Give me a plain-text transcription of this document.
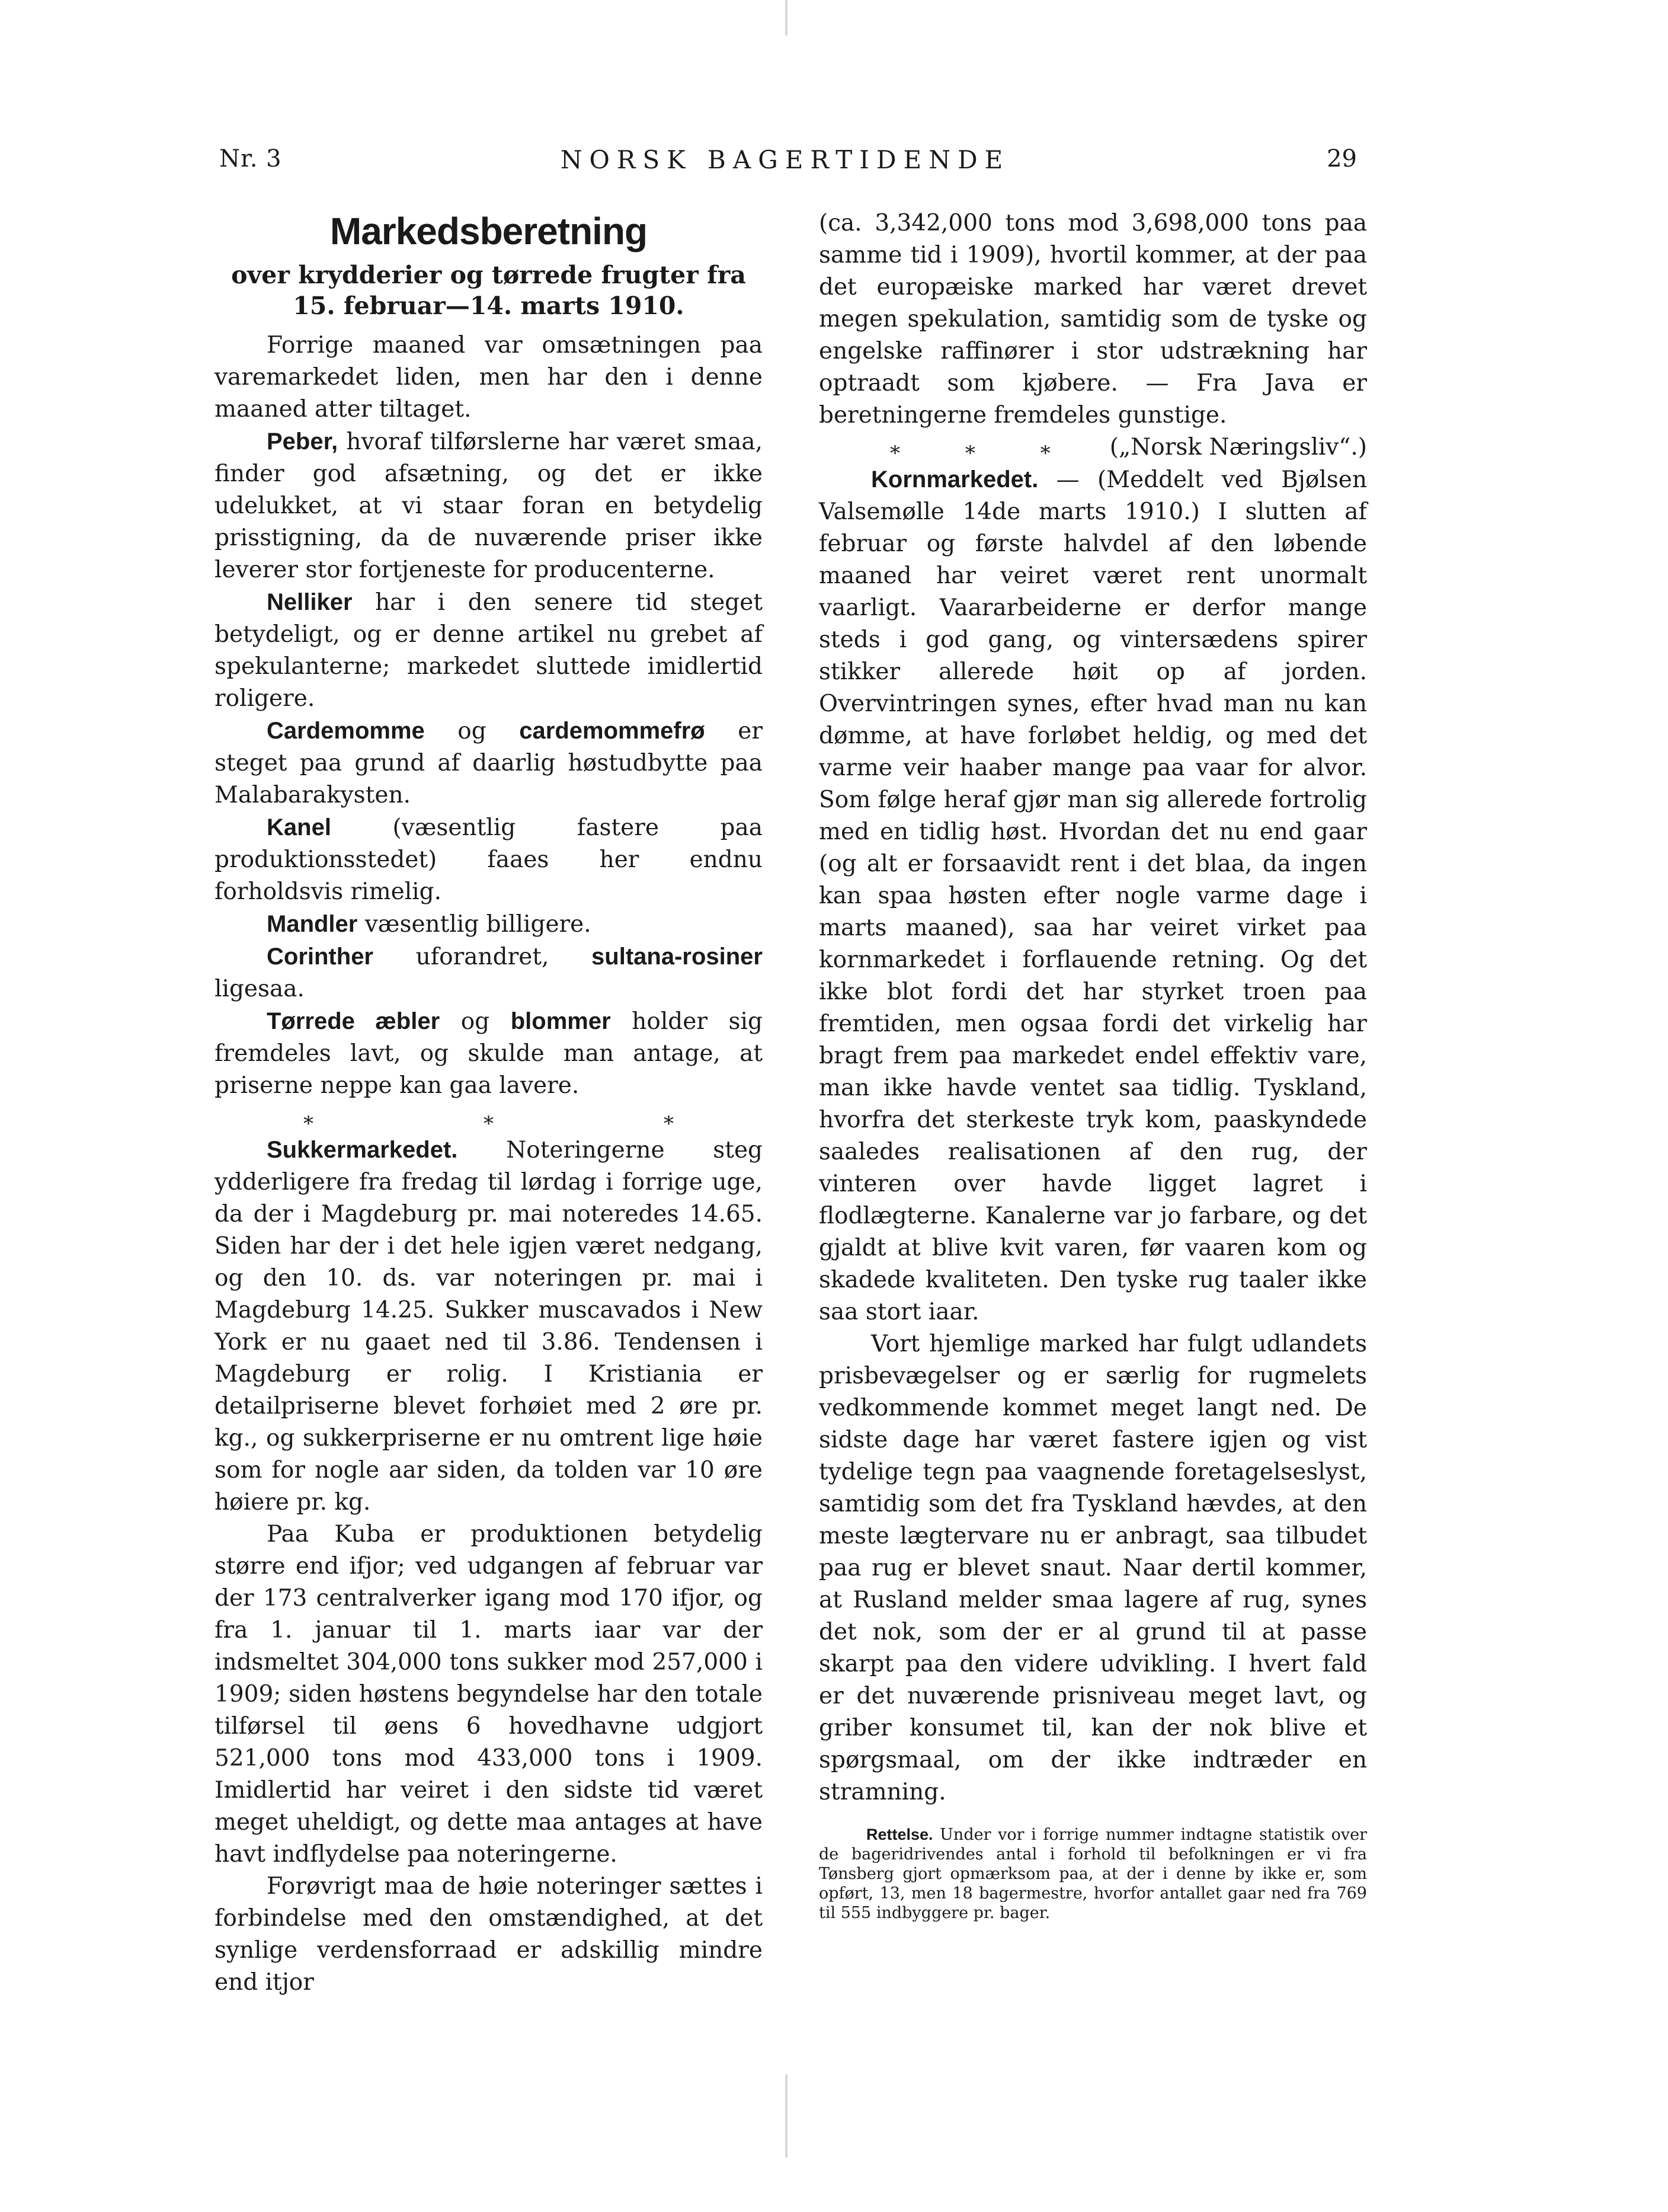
Nr. 3	NORSK BAGERTIDENDE	29
Markedsberetning
over krydderier og tørrede frugter fra 15. februar—14. marts 1910.

Forrige maaned var omsætningen paa varemarkedet liden, men har den i denne maaned atter tiltaget.

Peber, hvoraf tilførslerne har været smaa, finder god afsætning, og det er ikke udelukket, at vi staar foran en betydelig prisstigning, da de nuværende priser ikke leverer stor fortjeneste for producenterne.

Nelliker har i den senere tid steget betydeligt, og er denne artikel nu grebet af spekulanterne; markedet sluttede imidlertid roligere.

Cardemomme og cardemommefrø er steget paa grund af daarlig høstudbytte paa Malabarakysten.

Kanel (væsentlig fastere paa produktionsstedet) faaes her endnu forholdsvis rimelig.

Mandler væsentlig billigere.

Corinther uforandret, sultana-rosiner ligesaa.

Tørrede æbler og blommer holder sig fremdeles lavt, og skulde man antage, at priserne neppe kan gaa lavere.

*	*	*

Sukkermarkedet. Noteringerne steg ydderligere fra fredag til lørdag i forrige uge, da der i Magdeburg pr. mai noteredes 14.65. Siden har der i det hele igjen været nedgang, og den 10. ds. var noteringen pr. mai i Magdeburg 14.25. Sukker muscavados i New York er nu gaaet ned til 3.86. Tendensen i Magdeburg er rolig. I Kristiania er detailpriserne blevet forhøiet med 2 øre pr. kg., og sukkerpriserne er nu omtrent lige høie som for nogle aar siden, da tolden var 10 øre høiere pr. kg.

Paa Kuba er produktionen betydelig større end ifjor; ved udgangen af februar var der 173 centralverker igang mod 170 ifjor, og fra 1. januar til 1. marts iaar var der indsmeltet 304,000 tons sukker mod 257,000 i 1909; siden høstens begyndelse har den totale tilførsel til øens 6 hovedhavne udgjort 521,000 tons mod 433,000 tons i 1909. Imidlertid har veiret i den sidste tid været meget uheldigt, og dette maa antages at have havt indflydelse paa noteringerne.

Forøvrigt maa de høie noteringer sættes i forbindelse med den omstændighed, at det synlige verdensforraad er adskillig mindre end itjor

(ca. 3,342,000 tons mod 3,698,000 tons paa samme tid i 1909), hvortil kommer, at der paa det europæiske marked har været drevet megen spekulation, samtidig som de tyske og engelske raffinører i stor udstrækning har optraadt som kjøbere. — Fra Java er beretningerne fremdeles gunstige.
(„Norsk Næringsliv“.)

*	*	*

Kornmarkedet. — (Meddelt ved Bjølsen Valsemølle 14de marts 1910.) I slutten af februar og første halvdel af den løbende maaned har veiret været rent unormalt vaarligt. Vaararbeiderne er derfor mange steds i god gang, og vintersædens spirer stikker allerede høit op af jorden. Overvintringen synes, efter hvad man nu kan dømme, at have forløbet heldig, og med det varme veir haaber mange paa vaar for alvor. Som følge heraf gjør man sig allerede fortrolig med en tidlig høst. Hvordan det nu end gaar (og alt er forsaavidt rent i det blaa, da ingen kan spaa høsten efter nogle varme dage i marts maaned), saa har veiret virket paa kornmarkedet i forflauende retning. Og det ikke blot fordi det har styrket troen paa fremtiden, men ogsaa fordi det virkelig har bragt frem paa markedet endel effektiv vare, man ikke havde ventet saa tidlig. Tyskland, hvorfra det sterkeste tryk kom, paaskyndede saaledes realisationen af den rug, der vinteren over havde ligget lagret i flodlægterne. Kanalerne var jo farbare, og det gjaldt at blive kvit varen, før vaaren kom og skadede kvaliteten. Den tyske rug taaler ikke saa stort iaar.

Vort hjemlige marked har fulgt udlandets prisbevægelser og er særlig for rugmelets vedkommende kommet meget langt ned. De sidste dage har været fastere igjen og vist tydelige tegn paa vaagnende foretagelseslyst, samtidig som det fra Tyskland hævdes, at den meste lægtervare nu er anbragt, saa tilbudet paa rug er blevet snaut. Naar dertil kommer, at Rusland melder smaa lagere af rug, synes det nok, som der er al grund til at passe skarpt paa den videre udvikling. I hvert fald er det nuværende prisniveau meget lavt, og griber konsumet til, kan der nok blive et spørgsmaal, om der ikke indtræder en stramning.

Rettelse. Under vor i forrige nummer indtagne statistik over de bageridrivendes antal i forhold til befolkningen er vi fra Tønsberg gjort opmærksom paa, at der i denne by ikke er, som opført, 13, men 18 bagermestre, hvorfor antallet gaar ned fra 769 til 555 indbyggere pr. bager.
